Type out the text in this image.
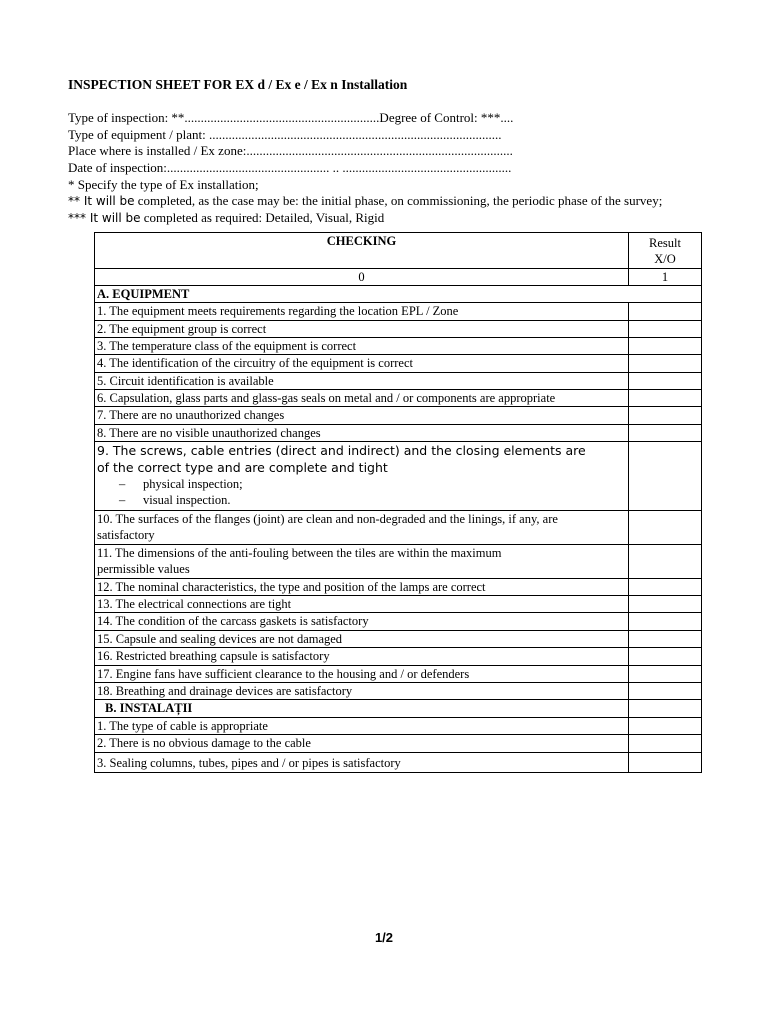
INSPECTION SHEET FOR EX d / Ex e / Ex n Installation
Type of inspection: **............................................................Degree of Control: ***....
Type of equipment / plant: ..........................................................................................
Place where is installed / Ex zone:..................................................................................
Date of inspection:.................................................. .. ....................................................
* Specify the type of Ex installation;
** It will be completed, as the case may be: the initial phase, on commissioning, the periodic phase of the survey;
*** It will be completed as required: Detailed, Visual, Rigid
CHECKING	Result
X/O

0	1
A. EQUIPMENT	
1. The equipment meets requirements regarding the location EPL / Zone	
2. The equipment group is correct	
3. The temperature class of the equipment is correct	
4. The identification of the circuitry of the equipment is correct	
5. Circuit identification is available	
6. Capsulation, glass parts and glass-gas seals on metal and / or components are appropriate	
7. There are no unauthorized changes	
8. There are no visible unauthorized changes	

9. The screws, cable entries (direct and indirect) and the closing elements are
of the correct type and are complete and tight
– physical inspection;
– visual inspection.	

10. The surfaces of the flanges (joint) are clean and non-degraded and the linings, if any, are
satisfactory	

11. The dimensions of the anti-fouling between the tiles are within the maximum
permissible values	

12. The nominal characteristics, the type and position of the lamps are correct	
13. The electrical connections are tight	
14. The condition of the carcass gaskets is satisfactory	
15. Capsule and sealing devices are not damaged	
16. Restricted breathing capsule is satisfactory	
17. Engine fans have sufficient clearance to the housing and / or defenders	
18. Breathing and drainage devices are satisfactory	
B. INSTALAȚII	
1. The type of cable is appropriate	
2. There is no obvious damage to the cable	
3. Sealing columns, tubes, pipes and / or pipes is satisfactory	
1/2
